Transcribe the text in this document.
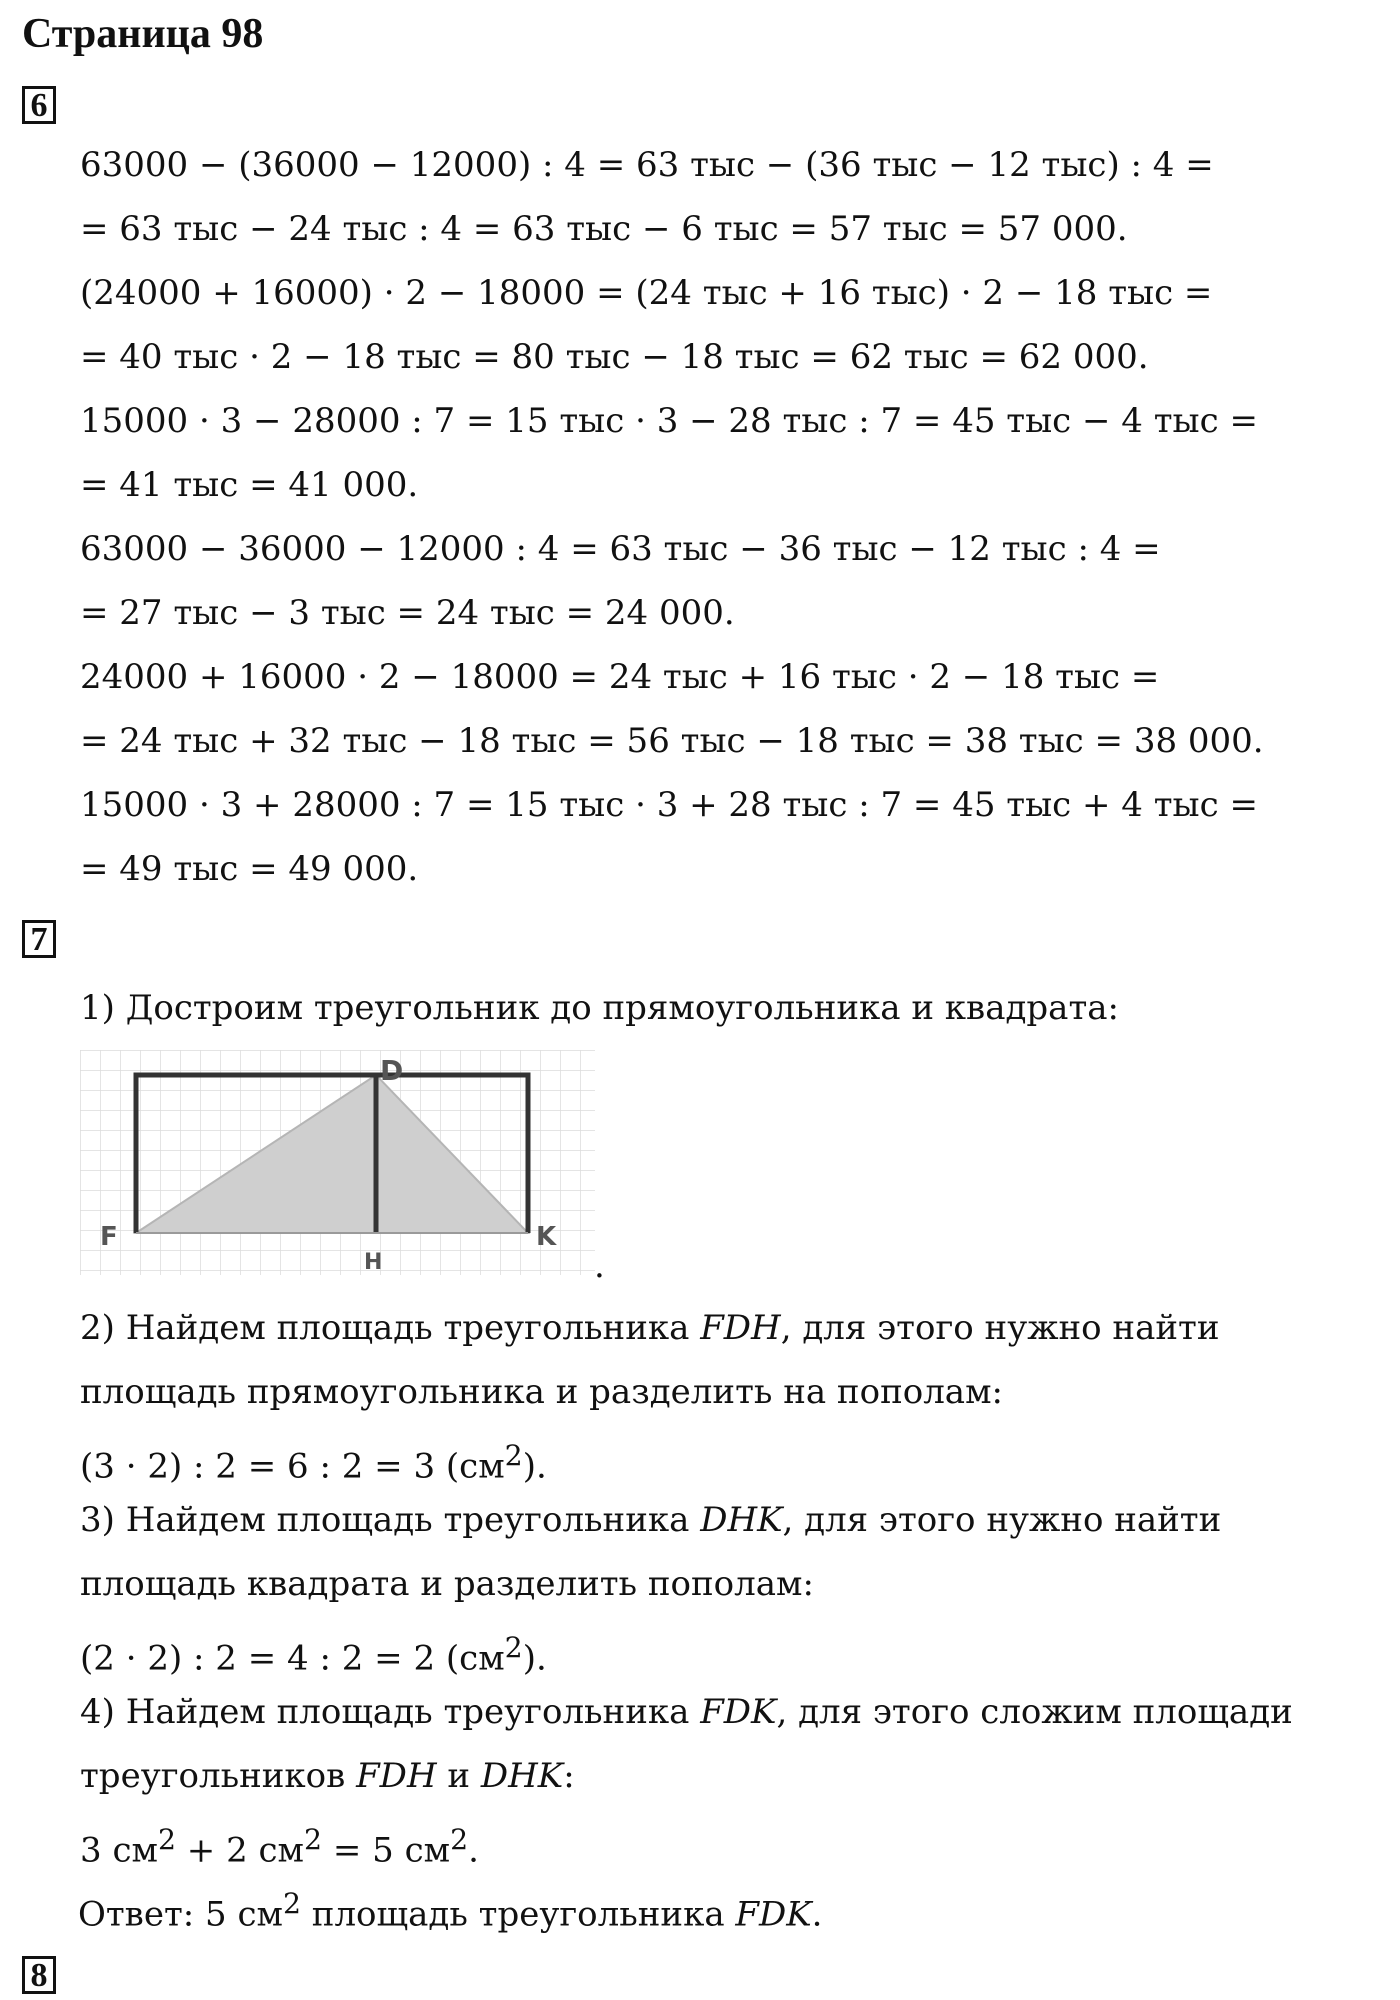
Страница 98
6
63000 − (36000 − 12000) : 4 = 63 тыс − (36 тыс − 12 тыс) : 4 =
= 63 тыс − 24 тыс : 4 = 63 тыс − 6 тыс = 57 тыс = 57 000.
(24000 + 16000) · 2 − 18000 = (24 тыс + 16 тыс) · 2 − 18 тыс =
= 40 тыс · 2 − 18 тыс = 80 тыс − 18 тыс = 62 тыс = 62 000.
15000 · 3 − 28000 : 7 = 15 тыс · 3 − 28 тыс : 7 = 45 тыс − 4 тыс =
= 41 тыс = 41 000.
63000 − 36000 − 12000 : 4 = 63 тыс − 36 тыс − 12 тыс : 4 =
= 27 тыс − 3 тыс = 24 тыс = 24 000.
24000 + 16000 · 2 − 18000 = 24 тыс + 16 тыс · 2 − 18 тыс =
= 24 тыс + 32 тыс − 18 тыс = 56 тыс − 18 тыс = 38 тыс = 38 000.
15000 · 3 + 28000 : 7 = 15 тыс · 3 + 28 тыс : 7 = 45 тыс + 4 тыс =
= 49 тыс = 49 000.
7
1) Достроим треугольник до прямоугольника и квадрата:
D
F
H
K
.
2) Найдем площадь треугольника FDH, для этого нужно найти
площадь прямоугольника и разделить на пополам:
(3 · 2) : 2 = 6 : 2 = 3 $(см^2)$.
3) Найдем площадь треугольника DHK, для этого нужно найти
площадь квадрата и разделить пополам:
(2 · 2) : 2 = 4 : 2 = 2 $(см^2)$.
4) Найдем площадь треугольника FDK, для этого сложим площади
треугольников FDH и DHK:
3 $см^2 + 2$ $см^2 = 5$ $см^2$.
Ответ: 5 $см^2$ площадь треугольника FDK.
8
